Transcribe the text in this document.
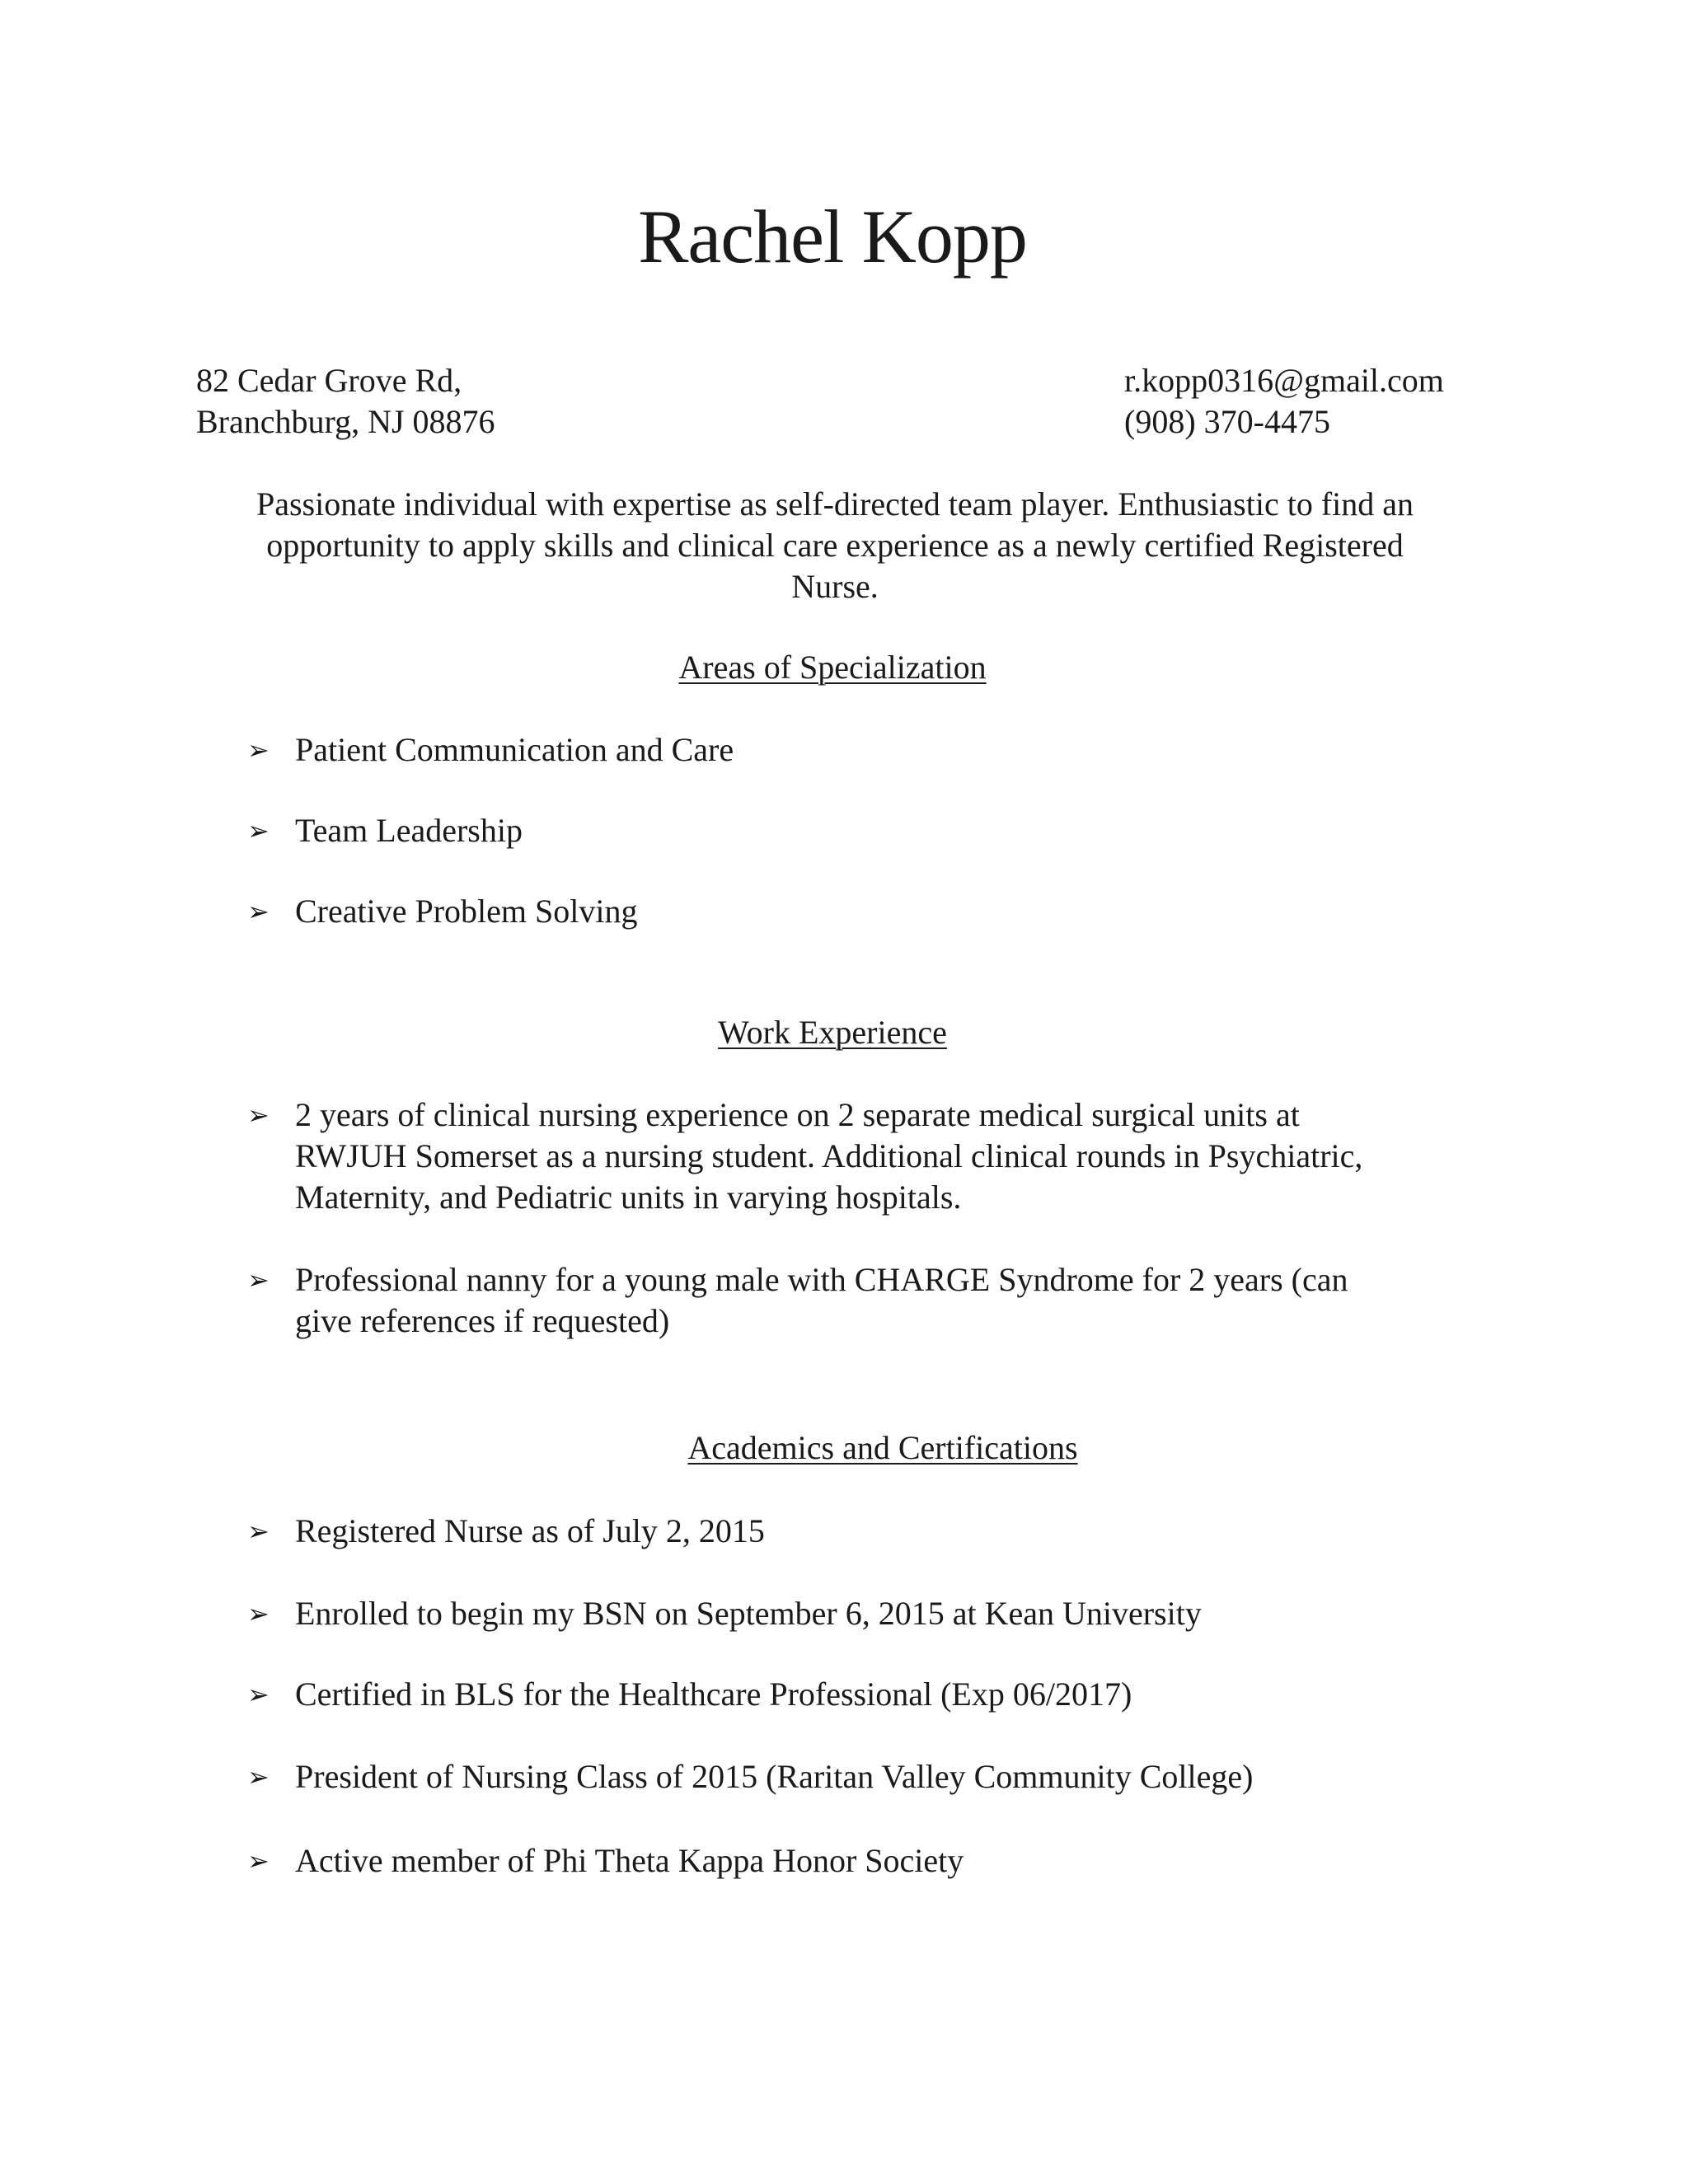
Rachel Kopp
82 Cedar Grove Rd,
Branchburg, NJ 08876
r.kopp0316@gmail.com
(908) 370-4475
Passionate individual with expertise as self-directed team player. Enthusiastic to find an
opportunity to apply skills and clinical care experience as a newly certified Registered
Nurse.
Areas of Specialization
➢ Patient Communication and Care
➢ Team Leadership
➢ Creative Problem Solving
Work Experience
➢ 2 years of clinical nursing experience on 2 separate medical surgical units at
RWJUH Somerset as a nursing student. Additional clinical rounds in Psychiatric,
Maternity, and Pediatric units in varying hospitals.
➢ Professional nanny for a young male with CHARGE Syndrome for 2 years (can
give references if requested)
Academics and Certifications
➢ Registered Nurse as of July 2, 2015
➢ Enrolled to begin my BSN on September 6, 2015 at Kean University
➢ Certified in BLS for the Healthcare Professional (Exp 06/2017)
➢ President of Nursing Class of 2015 (Raritan Valley Community College)
➢ Active member of Phi Theta Kappa Honor Society
